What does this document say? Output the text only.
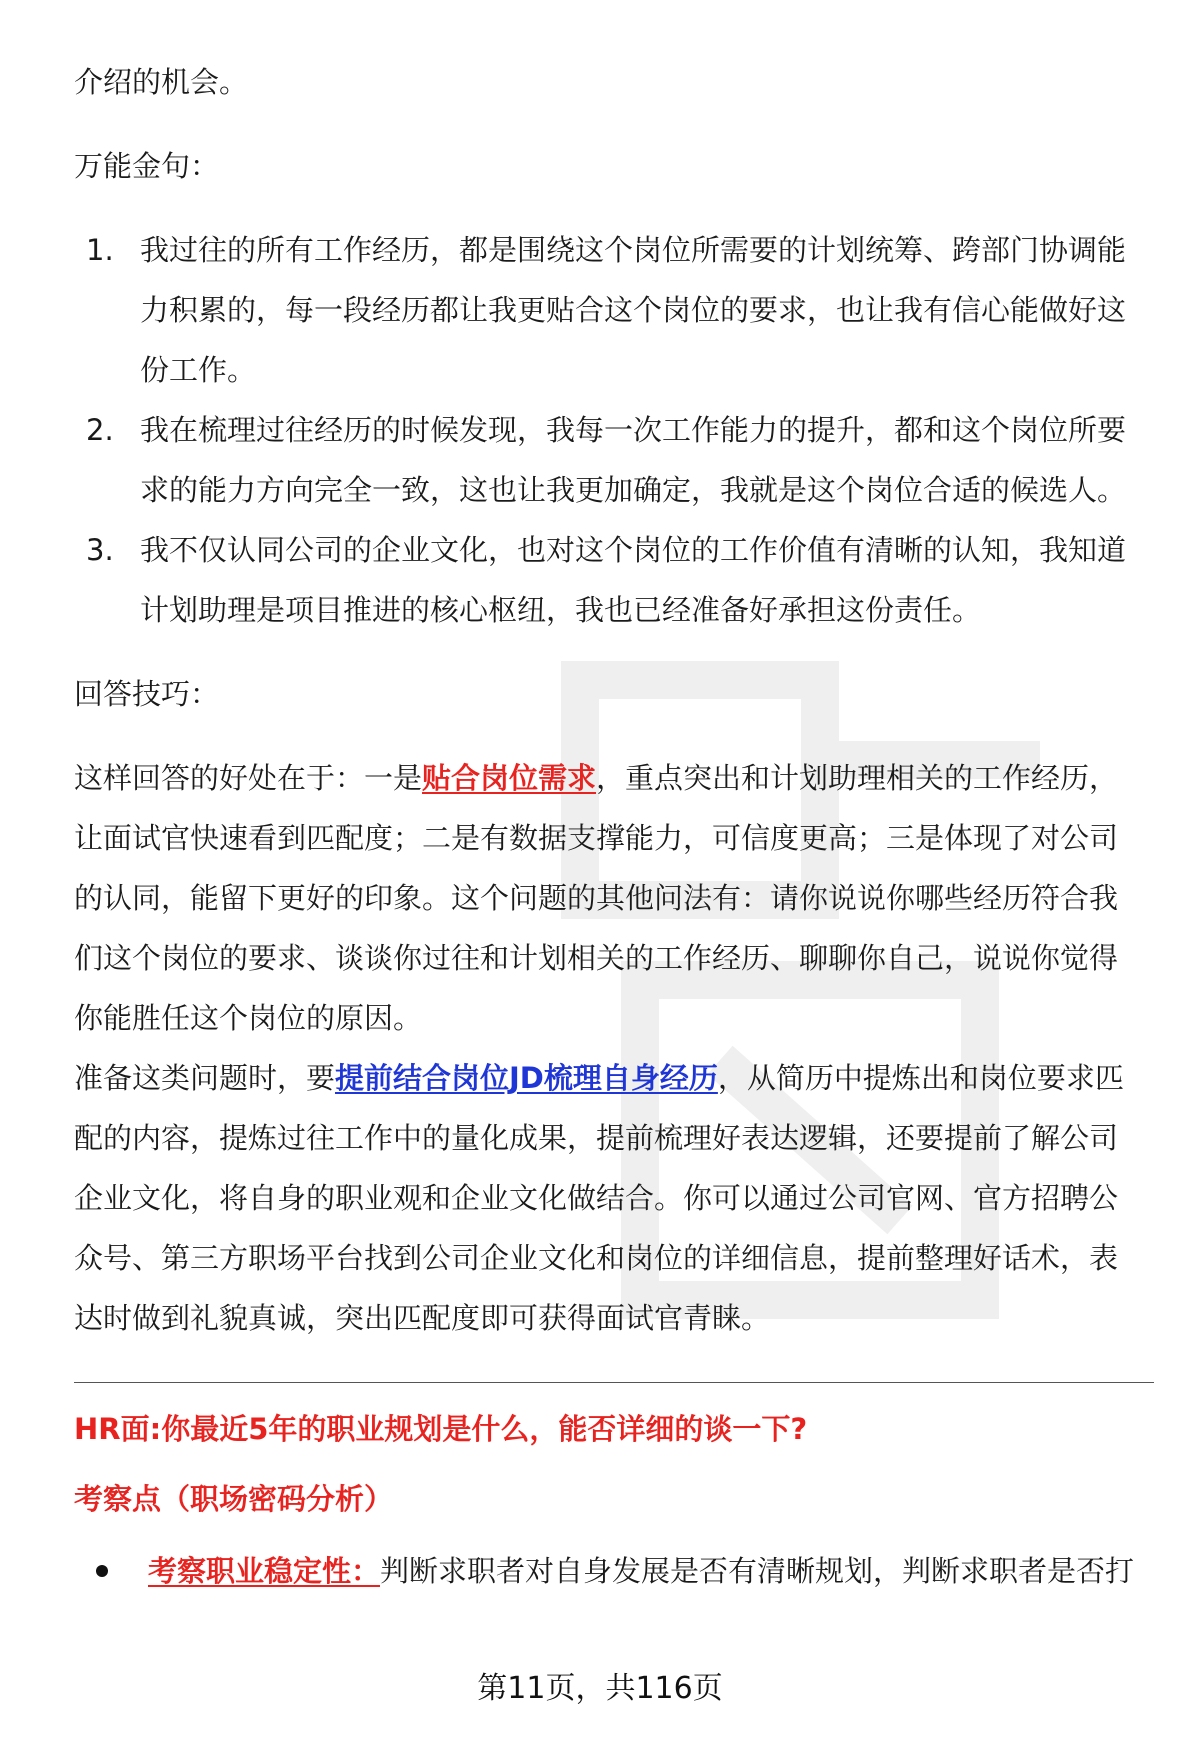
介绍的机会。

万能金句：

1. 我过往的所有工作经历，都是围绕这个岗位所需要的计划统筹、跨部门协调能
力积累的，每一段经历都让我更贴合这个岗位的要求，也让我有信心能做好这
份工作。
2. 我在梳理过往经历的时候发现，我每一次工作能力的提升，都和这个岗位所要
求的能力方向完全一致，这也让我更加确定，我就是这个岗位合适的候选人。
3. 我不仅认同公司的企业文化，也对这个岗位的工作价值有清晰的认知，我知道
计划助理是项目推进的核心枢纽，我也已经准备好承担这份责任。

回答技巧：

这样回答的好处在于：一是贴合岗位需求，重点突出和计划助理相关的工作经历，

让面试官快速看到匹配度；二是有数据支撑能力，可信度更高；三是体现了对公司

的认同，能留下更好的印象。这个问题的其他问法有：请你说说你哪些经历符合我

们这个岗位的要求、谈谈你过往和计划相关的工作经历、聊聊你自己，说说你觉得

你能胜任这个岗位的原因。

准备这类问题时，要提前结合岗位JD梳理自身经历，从简历中提炼出和岗位要求匹

配的内容，提炼过往工作中的量化成果，提前梳理好表达逻辑，还要提前了解公司

企业文化，将自身的职业观和企业文化做结合。你可以通过公司官网、官方招聘公

众号、第三方职场平台找到公司企业文化和岗位的详细信息，提前整理好话术，表

达时做到礼貌真诚，突出匹配度即可获得面试官青睐。

HR面:你最近5年的职业规划是什么，能否详细的谈一下?
考察点（职场密码分析）
考察职业稳定性：判断求职者对自身发展是否有清晰规划，判断求职者是否打
第11页，共116页
